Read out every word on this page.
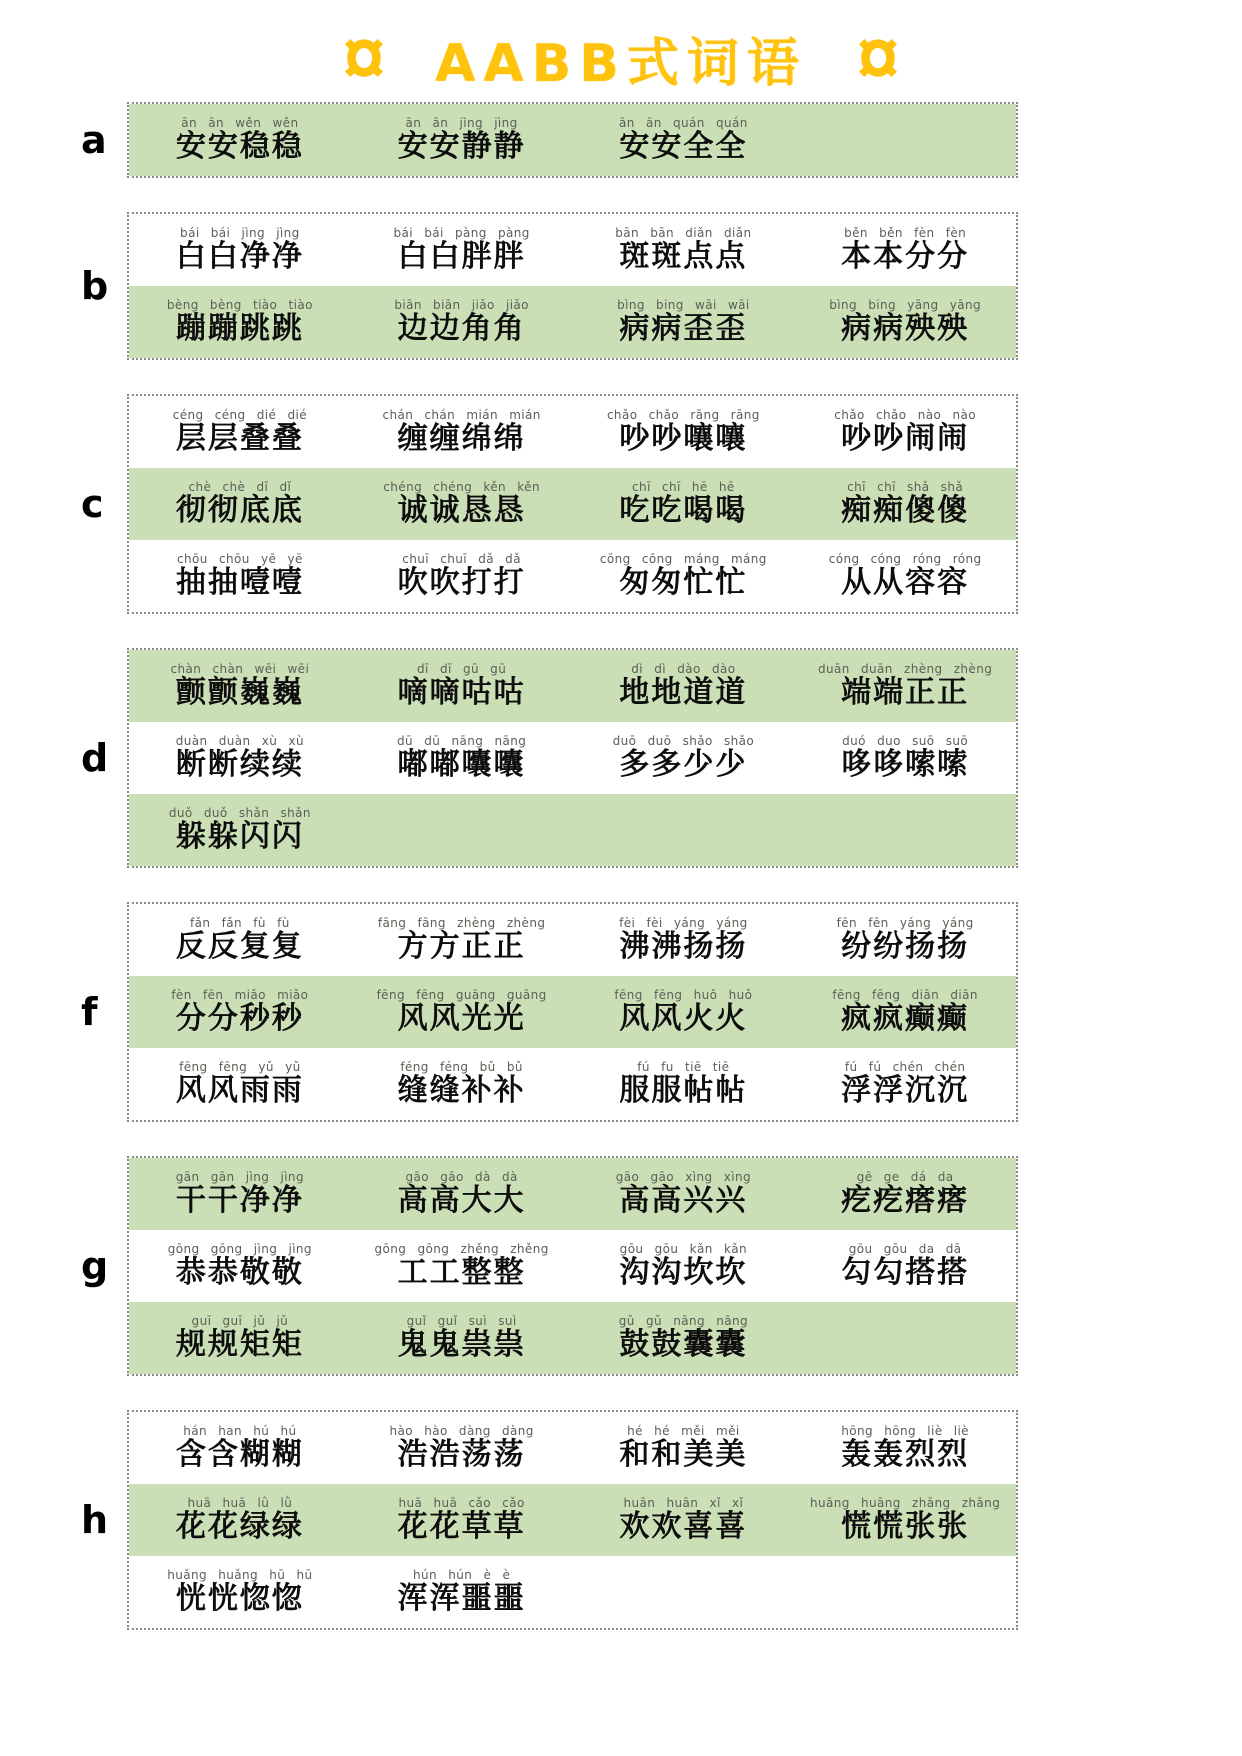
AABB式词语
a	ān ān wěn wěn
安安稳稳
ān ān jìng jìng
安安静静
ān ān quán quán
安安全全
b
bái bái jìng jìng
白白净净
bái bái pàng pàng
白白胖胖
bān bān diǎn diǎn
斑斑点点
běn běn fèn fèn
本本分分
bèng bèng tiào tiào
蹦蹦跳跳
biān biān jiǎo jiǎo
边边角角
bìng bing wāi wāi
病病歪歪
bìng bing yāng yāng
病病殃殃
c
céng céng dié dié
层层叠叠
chán chán mián mián
缠缠绵绵
chǎo chǎo rāng rāng
吵吵嚷嚷
chǎo chǎo nào nào
吵吵闹闹
chè chè dǐ dǐ
彻彻底底
chéng chéng kěn kěn
诚诚恳恳
chī chī hē hē
吃吃喝喝
chī chī shǎ shǎ
痴痴傻傻
chōu chōu yē yē
抽抽噎噎
chuī chuī dǎ dǎ
吹吹打打
cōng cōng máng máng
匆匆忙忙
cóng cóng róng róng
从从容容
d
chàn chàn wēi wēi
颤颤巍巍
dī dī gū gū
嘀嘀咕咕
dì dì dào dào
地地道道
duān duān zhèng zhèng
端端正正
duàn duàn xù xù
断断续续
dū dū nāng nāng
嘟嘟囔囔
duō duō shǎo shǎo
多多少少
duó duo suō suō
哆哆嗦嗦
duǒ duǒ shǎn shǎn
躲躲闪闪
f
fǎn fǎn fù fù
反反复复
fāng fāng zhèng zhèng
方方正正
fèi fèi yáng yáng
沸沸扬扬
fēn fēn yáng yáng
纷纷扬扬
fèn fēn miǎo miǎo
分分秒秒
fēng fēng guāng guāng
风风光光
fēng fēng huǒ huǒ
风风火火
fēng fēng diān diān
疯疯癫癫
fēng fēng yǔ yǔ
风风雨雨
féng féng bǔ bǔ
缝缝补补
fú fu tiē tiē
服服帖帖
fú fú chén chén
浮浮沉沉
g
gān gān jìng jìng
干干净净
gāo gāo dà dà
高高大大
gāo gāo xìng xìng
高高兴兴
gē ge dá da
疙疙瘩瘩
gōng gōng jìng jìng
恭恭敬敬
gōng gōng zhěng zhěng
工工整整
gōu gōu kǎn kǎn
沟沟坎坎
gōu gōu da dā
勾勾搭搭
guī guī jǔ jǔ
规规矩矩
guǐ guǐ suì suì
鬼鬼祟祟
gǔ gǔ nāng nāng
鼓鼓囊囊
h
hán han hú hú
含含糊糊
hào hào dàng dàng
浩浩荡荡
hé hé měi měi
和和美美
hōng hōng liè liè
轰轰烈烈
huā huā lǜ lǜ
花花绿绿
huā huā cǎo cǎo
花花草草
huān huān xǐ xǐ
欢欢喜喜
huāng huāng zhāng zhāng
慌慌张张
huǎng huǎng hū hū
恍恍惚惚
hún hún è è
浑浑噩噩
